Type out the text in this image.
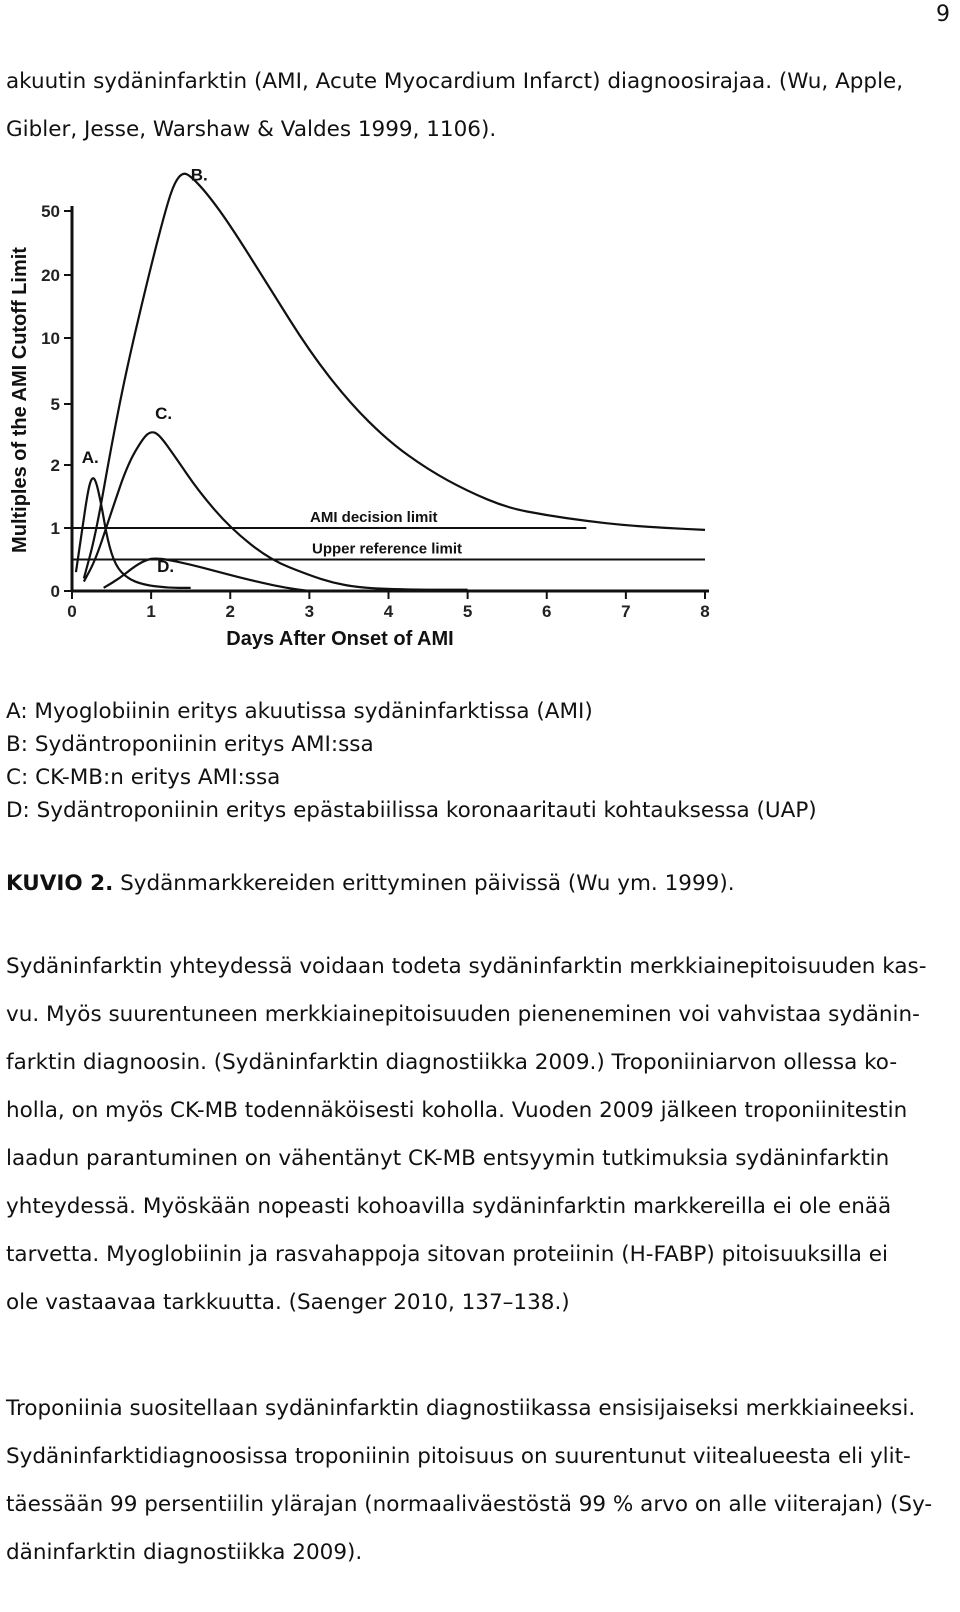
9

akuutin sydäninfarktin (AMI, Acute Myocardium Infarct) diagnoosirajaa. (Wu, Apple,
Gibler, Jesse, Warshaw & Valdes 1999, 1106).

0
1
2
5
10
20
50
0	1	2	3	4	5	6	7	8
Days After Onset of AMI
Multiples of the AMI Cutoff Limit	AMI decision limit
Upper reference limit
A.
B.
C.
D.

A: Myoglobiinin eritys akuutissa sydäninfarktissa (AMI)
B: Sydäntroponiinin eritys AMI:ssa
C: CK-MB:n eritys AMI:ssa
D: Sydäntroponiinin eritys epästabiilissa koronaaritauti kohtauksessa (UAP)

KUVIO 2. Sydänmarkkereiden erittyminen päivissä (Wu ym. 1999).

Sydäninfarktin yhteydessä voidaan todeta sydäninfarktin merkkiainepitoisuuden kas-
vu. Myös suurentuneen merkkiainepitoisuuden pieneneminen voi vahvistaa sydänin-
farktin diagnoosin. (Sydäninfarktin diagnostiikka 2009.) Troponiiniarvon ollessa ko-
holla, on myös CK-MB todennäköisesti koholla. Vuoden 2009 jälkeen troponiinitestin
laadun parantuminen on vähentänyt CK-MB entsyymin tutkimuksia sydäninfarktin
yhteydessä. Myöskään nopeasti kohoavilla sydäninfarktin markkereilla ei ole enää
tarvetta. Myoglobiinin ja rasvahappoja sitovan proteiinin (H-FABP) pitoisuuksilla ei
ole vastaavaa tarkkuutta. (Saenger 2010, 137–138.)

Troponiinia suositellaan sydäninfarktin diagnostiikassa ensisijaiseksi merkkiaineeksi.
Sydäninfarktidiagnoosissa troponiinin pitoisuus on suurentunut viitealueesta eli ylit-
täessään 99 persentiilin ylärajan (normaaliväestöstä 99 % arvo on alle viiterajan) (Sy-
däninfarktin diagnostiikka 2009).
